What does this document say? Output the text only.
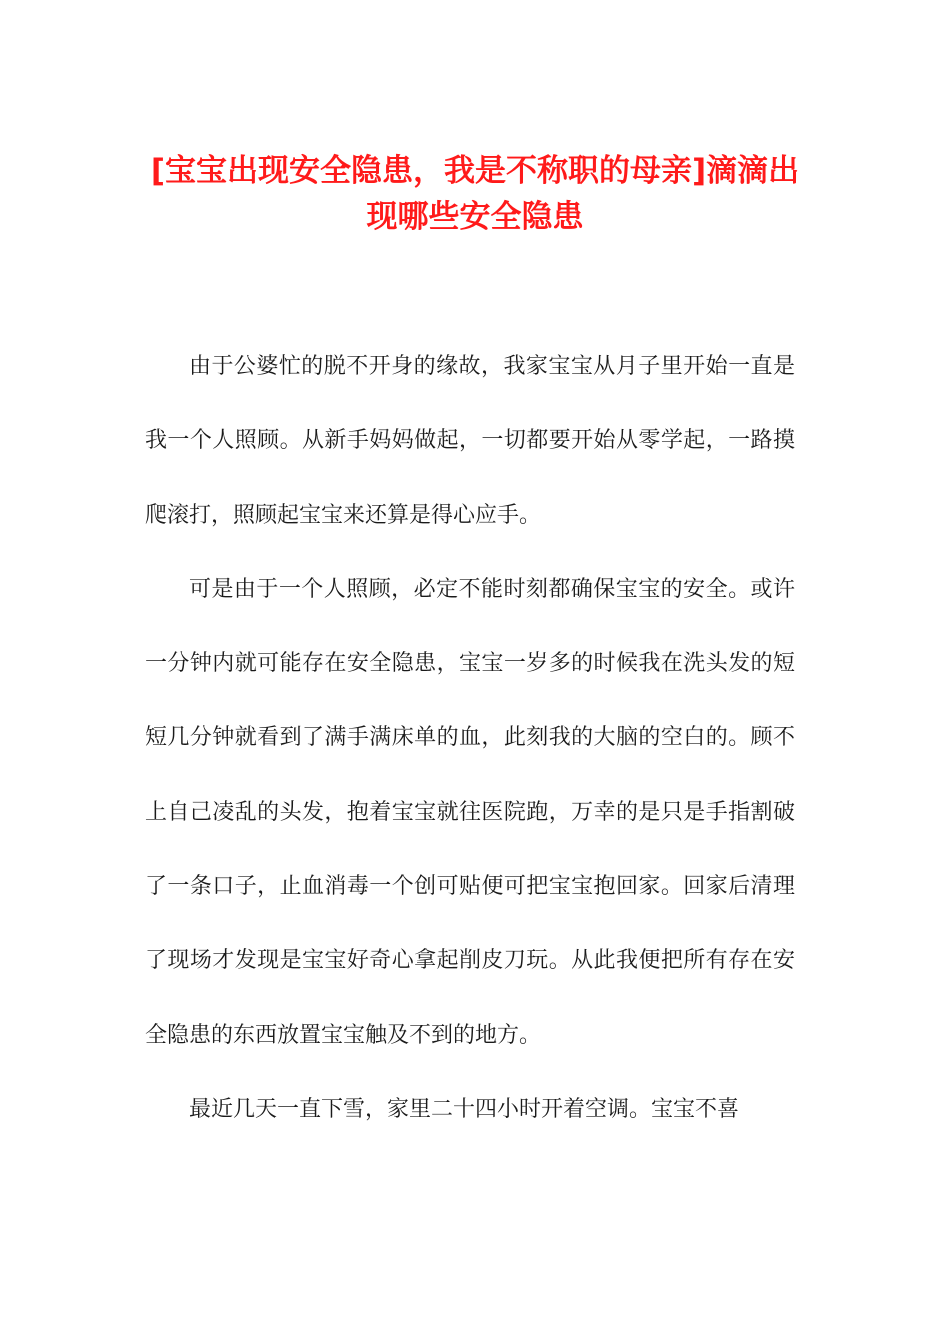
[宝宝出现安全隐患，我是不称职的母亲]滴滴出现哪些安全隐患

由于公婆忙的脱不开身的缘故，我家宝宝从月子里开始一直是我一个人照顾。从新手妈妈做起，一切都要开始从零学起，一路摸爬滚打，照顾起宝宝来还算是得心应手。

可是由于一个人照顾，必定不能时刻都确保宝宝的安全。或许一分钟内就可能存在安全隐患，宝宝一岁多的时候我在洗头发的短短几分钟就看到了满手满床单的血，此刻我的大脑的空白的。顾不上自己凌乱的头发，抱着宝宝就往医院跑，万幸的是只是手指割破了一条口子，止血消毒一个创可贴便可把宝宝抱回家。回家后清理了现场才发现是宝宝好奇心拿起削皮刀玩。从此我便把所有存在安全隐患的东西放置宝宝触及不到的地方。

最近几天一直下雪，家里二十四小时开着空调。宝宝不喜
